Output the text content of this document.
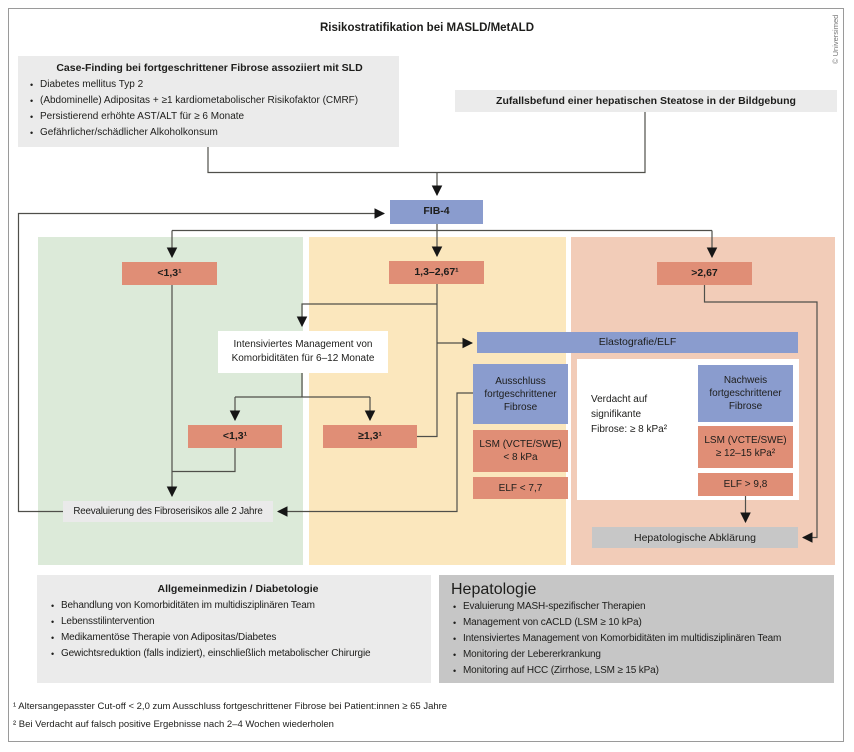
Risikostratifikation bei MASLD/MetALD	© Universimed
Case-Finding bei fortgeschrittener Fibrose assoziiert mit SLD
• Diabetes mellitus Typ 2
• (Abdominelle) Adipositas + ≥1 kardiometabolischer Risikofaktor (CMRF)
• Persistierend erhöhte AST/ALT für ≥ 6 Monate
• Gefährlicher/schädlicher Alkoholkonsum
Zufallsbefund einer hepatischen Steatose in der Bildgebung
FIB-4
<1,3¹	1,3–2,67¹	>2,67
Intensiviertes Management von Komorbiditäten für 6–12 Monate
<1,3¹	≥1,3¹
Elastografie/ELF
Ausschluss fortgeschrittener Fibrose
LSM (VCTE/SWE) < 8 kPa
ELF < 7,7
Verdacht auf signifikante Fibrose: ≥ 8 kPa²
Nachweis fortgeschrittener Fibrose
LSM (VCTE/SWE) ≥ 12–15 kPa²
ELF > 9,8
Hepatologische Abklärung
Reevaluierung des Fibroserisikos alle 2 Jahre
Allgemeinmedizin / Diabetologie
• Behandlung von Komorbiditäten im multidisziplinären Team
• Lebensstilintervention
• Medikamentöse Therapie von Adipositas/Diabetes
• Gewichtsreduktion (falls indiziert), einschließlich metabolischer Chirurgie
Hepatologie
• Evaluierung MASH-spezifischer Therapien
• Management von cACLD (LSM ≥ 10 kPa)
• Intensiviertes Management von Komorbiditäten im multidisziplinären Team
• Monitoring der Lebererkrankung
• Monitoring auf HCC (Zirrhose, LSM ≥ 15 kPa)
¹ Altersangepasster Cut-off < 2,0 zum Ausschluss fortgeschrittener Fibrose bei Patient:innen ≥ 65 Jahre
² Bei Verdacht auf falsch positive Ergebnisse nach 2–4 Wochen wiederholen
